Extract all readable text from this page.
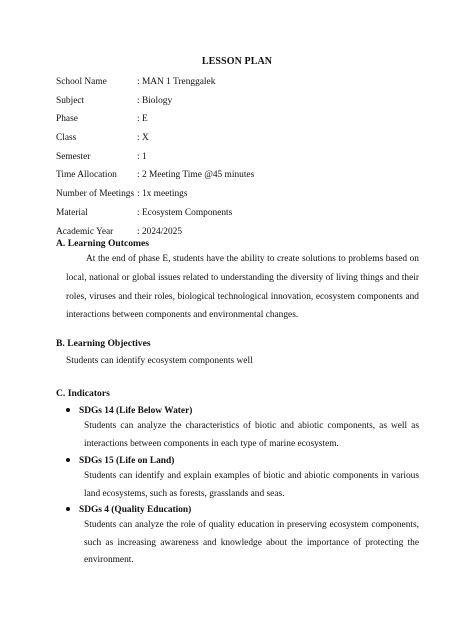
LESSON PLAN
School Name	: MAN 1 Trenggalek
Subject	: Biology
Phase	: E
Class	: X
Semester	: 1
Time Allocation : 2 Meeting Time @45 minutes
Number of Meetings : 1x meetings
Material	: Ecosystem Components
Academic Year	: 2024/2025
A. Learning Outcomes
At the end of phase E, students have the ability to create solutions to problems based on local, national or global issues related to understanding the diversity of living things and their roles, viruses and their roles, biological technological innovation, ecosystem components and interactions between components and environmental changes.
B. Learning Objectives
Students can identify ecosystem components well
C. Indicators
SDGs 14 (Life Below Water)
Students can analyze the characteristics of biotic and abiotic components, as well as interactions between components in each type of marine ecosystem.
SDGs 15 (Life on Land)
Students can identify and explain examples of biotic and abiotic components in various land ecosystems, such as forests, grasslands and seas.
SDGs 4 (Quality Education)
Students can analyze the role of quality education in preserving ecosystem components, such as increasing awareness and knowledge about the importance of protecting the environment.
